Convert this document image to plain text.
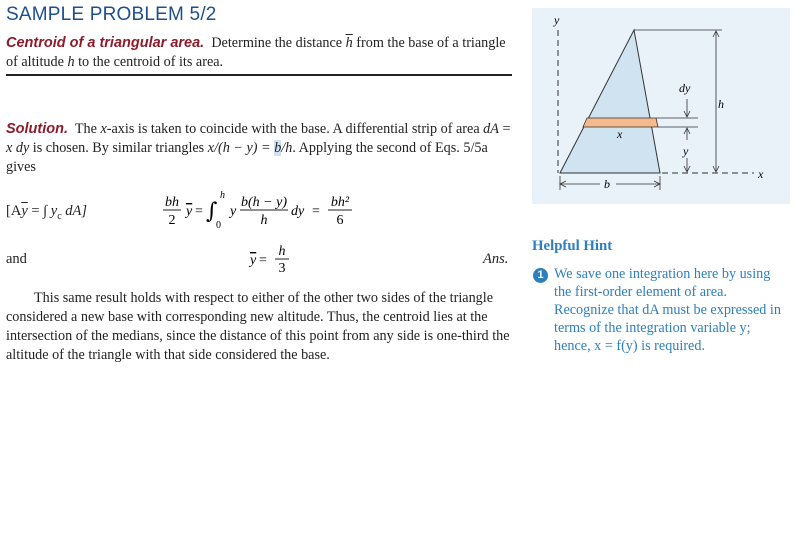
SAMPLE PROBLEM 5/2

Centroid of a triangular area. Determine the distance $\overline{h}$ from the base of a triangle of altitude h to the centroid of its area.

Solution. The x-axis is taken to coincide with the base. A differential strip of area dA = x dy is chosen. By similar triangles x/(h − y) = b/h. Applying the second of Eqs. 5/5a gives

[$A\overline{y}$ = ∫ $y_c$ dA]
bh
2
y = ∫
h
0
y
b(h − y)
h
dy =
bh²
6
and	y =
h
3
Ans.

This same result holds with respect to either of the other two sides of the triangle considered a new base with corresponding new altitude. Thus, the centroid lies at the intersection of the medians, since the distance of this point from any side is one-third the altitude of the triangle with that side considered the base.

y
x
h
dy
y
x
b
Helpful Hint
1 We save one integration here by using the first-order element of area. Recognize that dA must be expressed in terms of the integration variable y; hence, x = f(y) is required.
